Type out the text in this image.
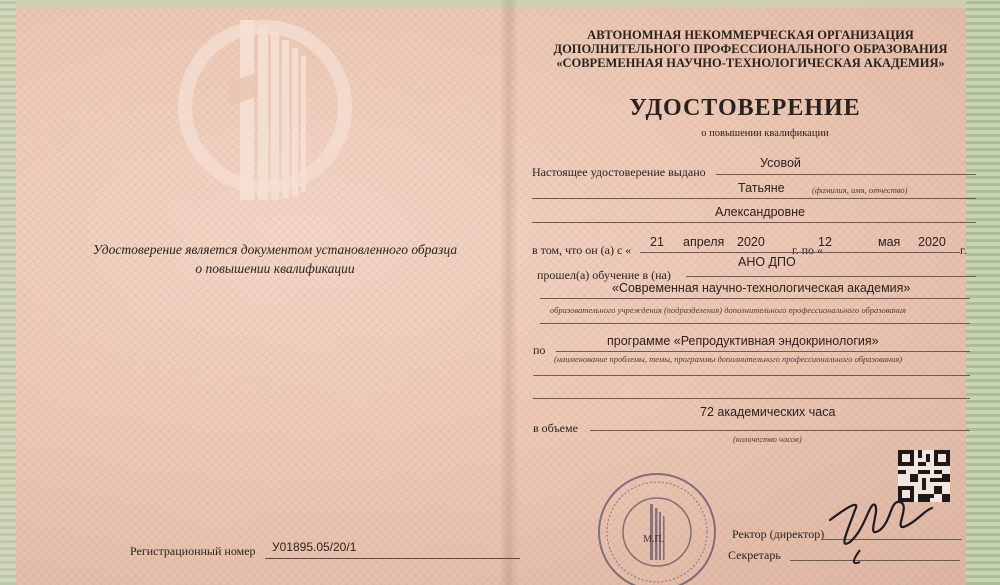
Удостоверение является документом установленного образца
о повышении квалификации
Регистрационный номер У01895.05/20/1
АВТОНОМНАЯ НЕКОММЕРЧЕСКАЯ ОРГАНИЗАЦИЯ
ДОПОЛНИТЕЛЬНОГО ПРОФЕССИОНАЛЬНОГО ОБРАЗОВАНИЯ
«СОВРЕМЕННАЯ НАУЧНО-ТЕХНОЛОГИЧЕСКАЯ АКАДЕМИЯ»
УДОСТОВЕРЕНИЕ
о повышении квалификации
Настоящее удостоверение выдано
Усовой
Татьяне	(фамилия, имя, отчество)
Александровне
в том, что он (а) с «
21 апреля 2020
г. по «
12	мая 2020
г.
прошел(а) обучение в (на)
АНО ДПО
«Современная научно-технологическая академия»
образовательного учреждения (подразделения) дополнительного профессионального образования
по
программе «Репродуктивная эндокринология»
(наименование проблемы, темы, программы дополнительного профессионального образования)
72 академических часа
в объеме
(количество часов)
М.П.	Ректор (директор)
Секретарь
